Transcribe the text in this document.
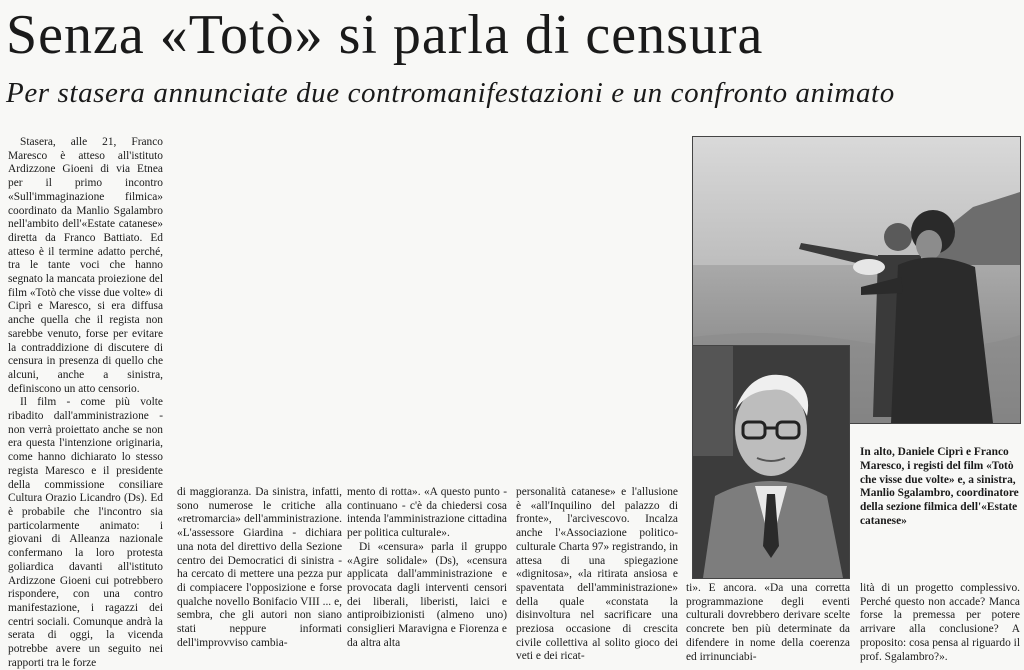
Senza «Totò» si parla di censura
Per stasera annunciate due contromanifestazioni e un confronto animato

Stasera, alle 21, Franco Maresco è atteso all'istituto Ardizzone Gioeni di via Etnea per il primo incontro «Sull'immaginazione filmica» coordinato da Manlio Sgalambro nell'ambito dell'«Estate catanese» diretta da Franco Battiato. Ed atteso è il termine adatto perché, tra le tante voci che hanno segnato la mancata proiezione del film «Totò che visse due volte» di Ciprì e Maresco, si era diffusa anche quella che il regista non sarebbe venuto, forse per evitare la contraddizione di discutere di censura in presenza di quello che alcuni, anche a sinistra, definiscono un atto censorio.

Il film - come più volte ribadito dall'amministrazione - non verrà proiettato anche se non era questa l'intenzione originaria, come hanno dichiarato lo stesso regista Maresco e il presidente della commissione consiliare Cultura Orazio Licandro (Ds). Ed è probabile che l'incontro sia particolarmente animato: i giovani di Alleanza nazionale confermano la loro protesta goliardica davanti all'istituto Ardizzone Gioeni cui potrebbero rispondere, con una contro manifestazione, i ragazzi dei centri sociali. Comunque andrà la serata di oggi, la vicenda potrebbe avere un seguito nei rapporti tra le forze

di maggioranza. Da sinistra, infatti, sono numerose le critiche alla «retromarcia» dell'amministrazione. «L'assessore Giardina - dichiara una nota del direttivo della Sezione centro dei Democratici di sinistra - ha cercato di mettere una pezza pur di compiacere l'opposizione e forse qualche novello Bonifacio VIII ... e, sembra, che gli autori non siano stati neppure informati dell'improvviso cambia-

mento di rotta». «A questo punto - continuano - c'è da chiedersi cosa intenda l'amministrazione cittadina per politica culturale».

Di «censura» parla il gruppo «Agire solidale» (Ds), «censura applicata dall'amministrazione e provocata dagli interventi censori dei liberali, liberisti, laici e antiproibizionisti (almeno uno) consiglieri Maravigna e Fiorenza e da altra alta

personalità catanese» e l'allusione è «all'Inquilino del palazzo di fronte», l'arcivescovo. Incalza anche l'«Associazione politico-culturale Charta 97» registrando, in attesa di una spiegazione «dignitosa», «la ritirata ansiosa e spaventata dell'amministrazione» della quale «constata la disinvoltura nel sacrificare una preziosa occasione di crescita civile collettiva al solito gioco dei veti e dei ricat-

ti». E ancora. «Da una corretta programmazione degli eventi culturali dovrebbero derivare scelte concrete ben più determinate da difendere in nome della coerenza ed irrinunciabi-

lità di un progetto complessivo. Perché questo non accade? Manca forse la premessa per potere arrivare alla conclusione? A proposito: cosa pensa al riguardo il prof. Sgalambro?».

In alto, Daniele Ciprì e Franco Maresco, i registi del film «Totò che visse due volte» e, a sinistra, Manlio Sgalambro, coordinatore della sezione filmica dell'«Estate catanese»
